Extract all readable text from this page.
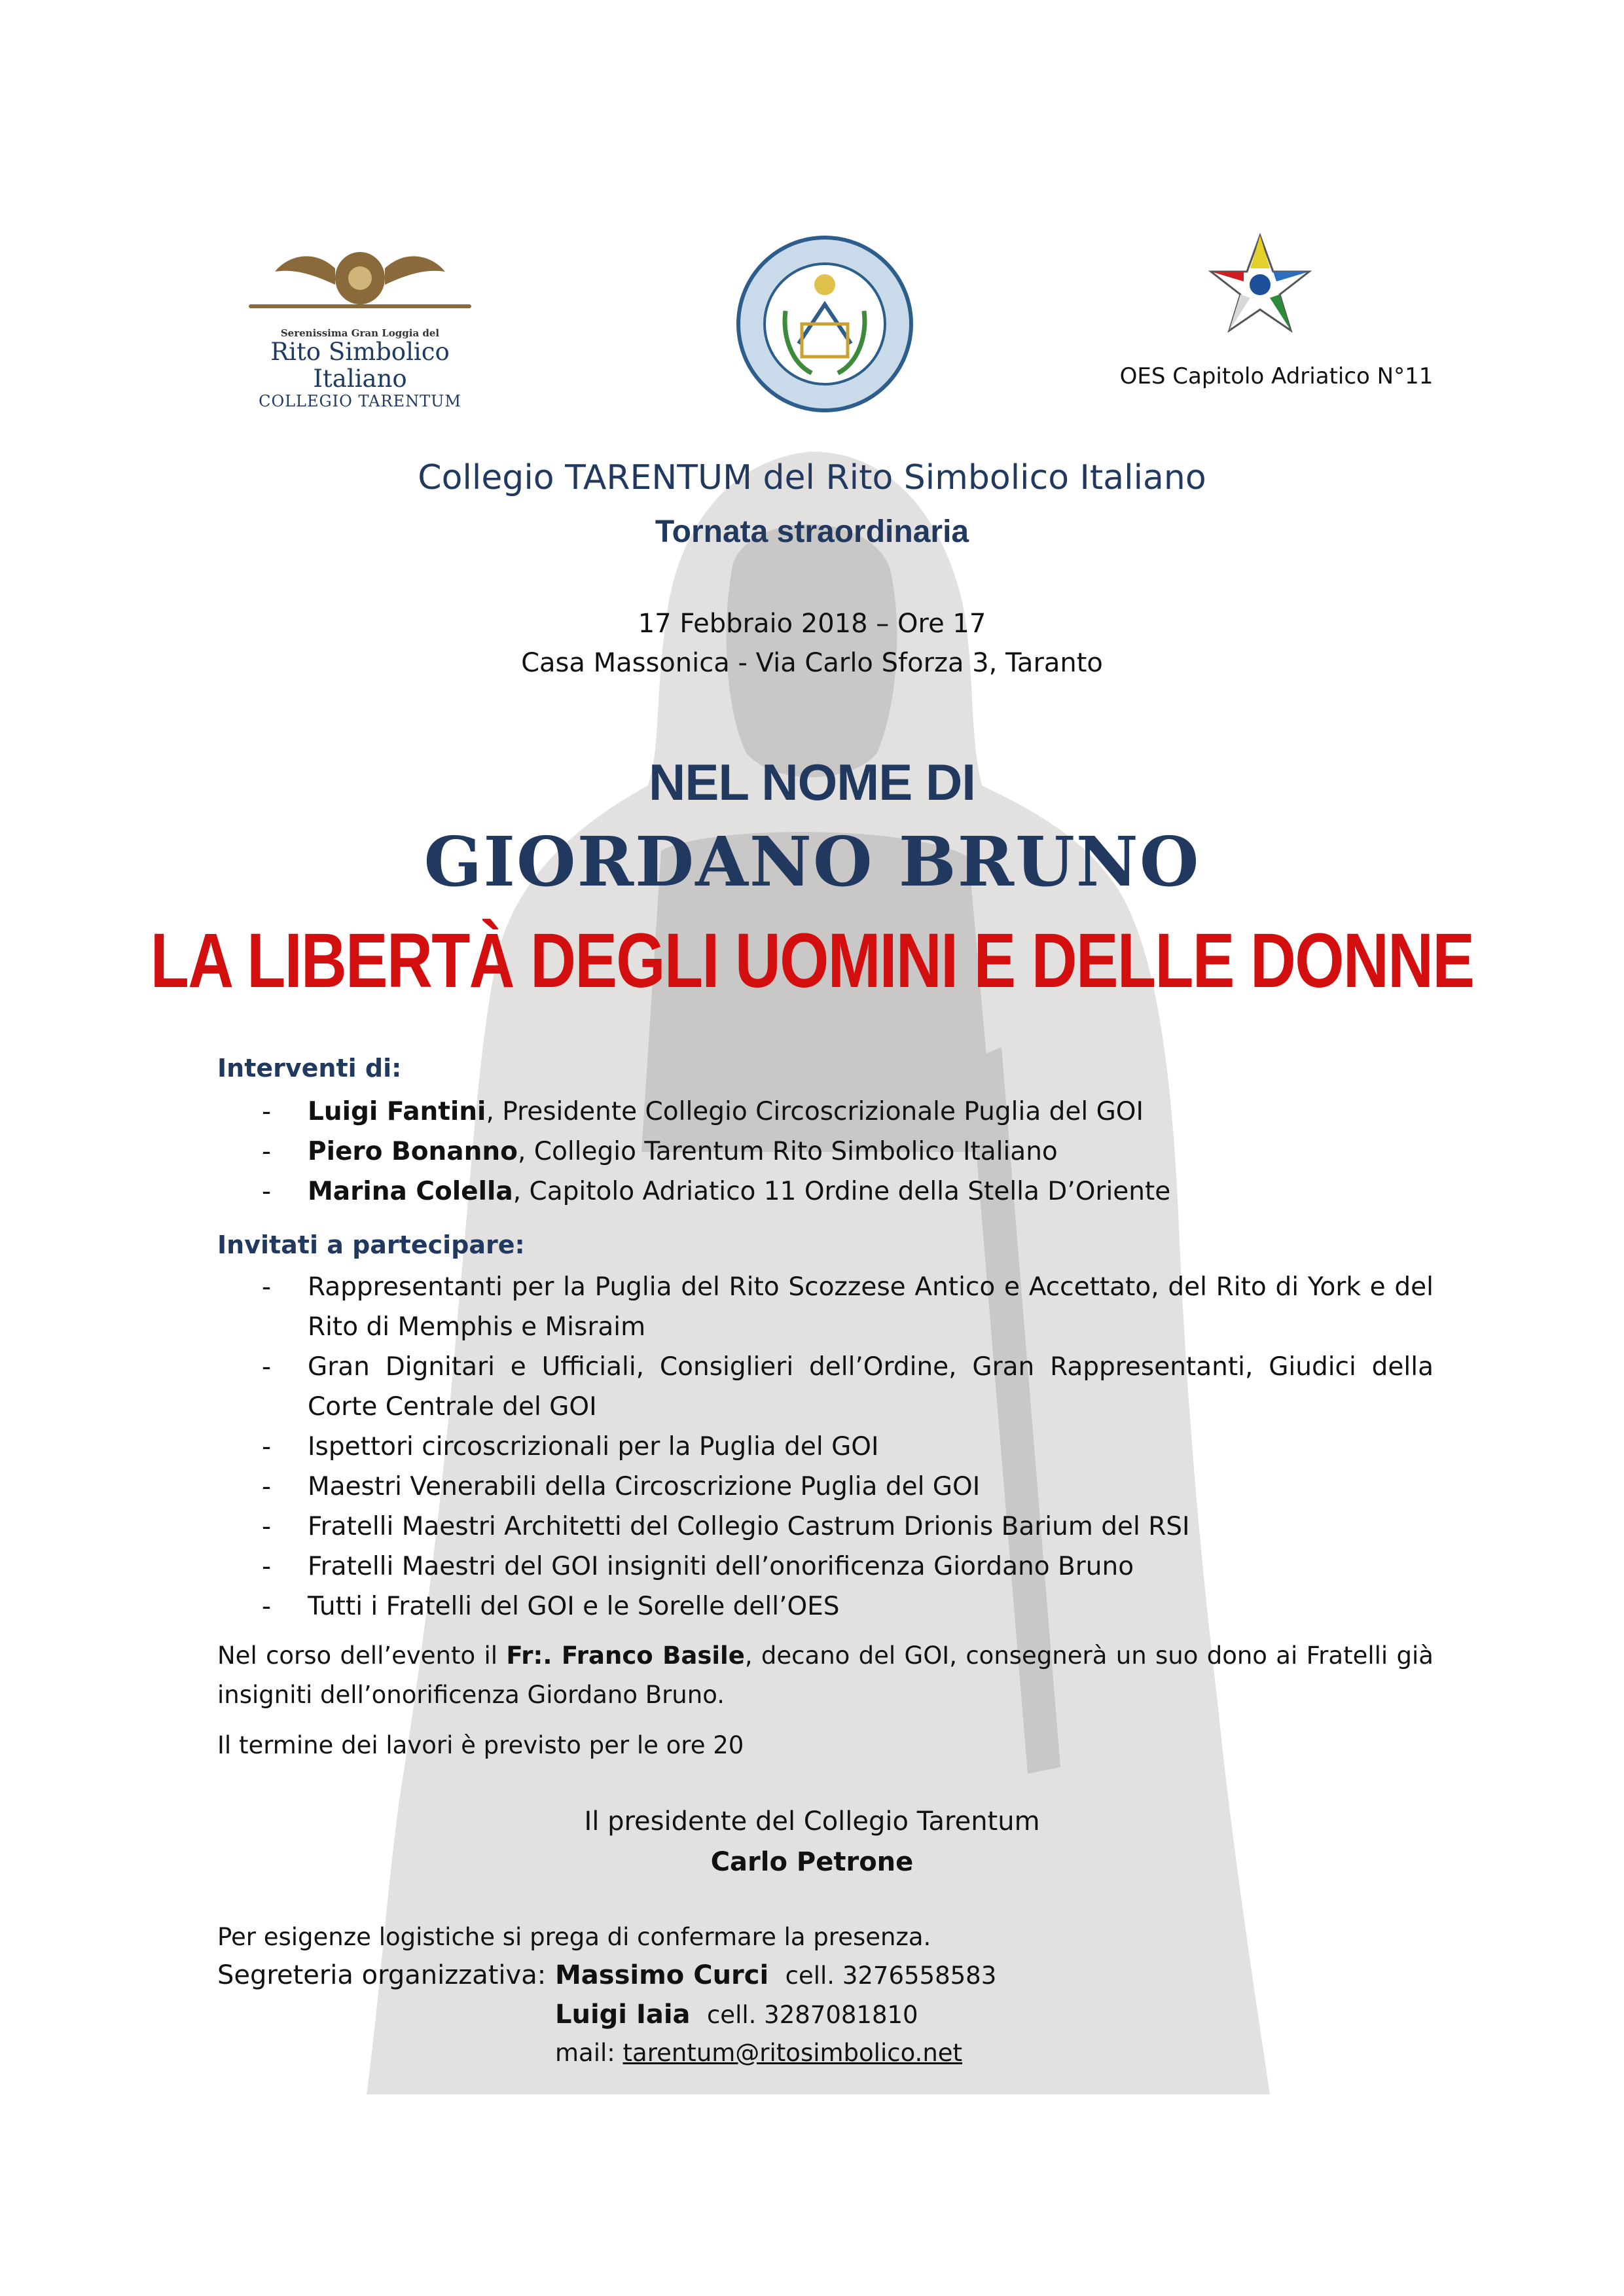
Serenissima Gran Loggia del
Rito Simbolico Italiano
COLLEGIO TARENTUM
OES Capitolo Adriatico N°11
Collegio TARENTUM del Rito Simbolico Italiano
Tornata straordinaria
17 Febbraio 2018 – Ore 17
Casa Massonica - Via Carlo Sforza 3, Taranto
NEL NOME DI
GIORDANO BRUNO
LA LIBERTÀ DEGLI UOMINI E DELLE DONNE
Interventi di:
- Luigi Fantini, Presidente Collegio Circoscrizionale Puglia del GOI
- Piero Bonanno, Collegio Tarentum Rito Simbolico Italiano
- Marina Colella, Capitolo Adriatico 11 Ordine della Stella D’Oriente
Invitati a partecipare:
- Rappresentanti per la Puglia del Rito Scozzese Antico e Accettato, del Rito di York e del Rito di Memphis e Misraim
- Gran Dignitari e Ufficiali, Consiglieri dell’Ordine, Gran Rappresentanti, Giudici della Corte Centrale del GOI
- Ispettori circoscrizionali per la Puglia del GOI
- Maestri Venerabili della Circoscrizione Puglia del GOI
- Fratelli Maestri Architetti del Collegio Castrum Drionis Barium del RSI
- Fratelli Maestri del GOI insigniti dell’onorificenza Giordano Bruno
- Tutti i Fratelli del GOI e le Sorelle dell’OES
Nel corso dell’evento il Fr:. Franco Basile, decano del GOI, consegnerà un suo dono ai Fratelli già insigniti dell’onorificenza Giordano Bruno.
Il termine dei lavori è previsto per le ore 20
Il presidente del Collegio Tarentum
Carlo Petrone
Per esigenze logistiche si prega di confermare la presenza.
Segreteria organizzativa: Massimo Curci cell. 3276558583
Luigi Iaia cell. 3287081810
mail: tarentum@ritosimbolico.net
